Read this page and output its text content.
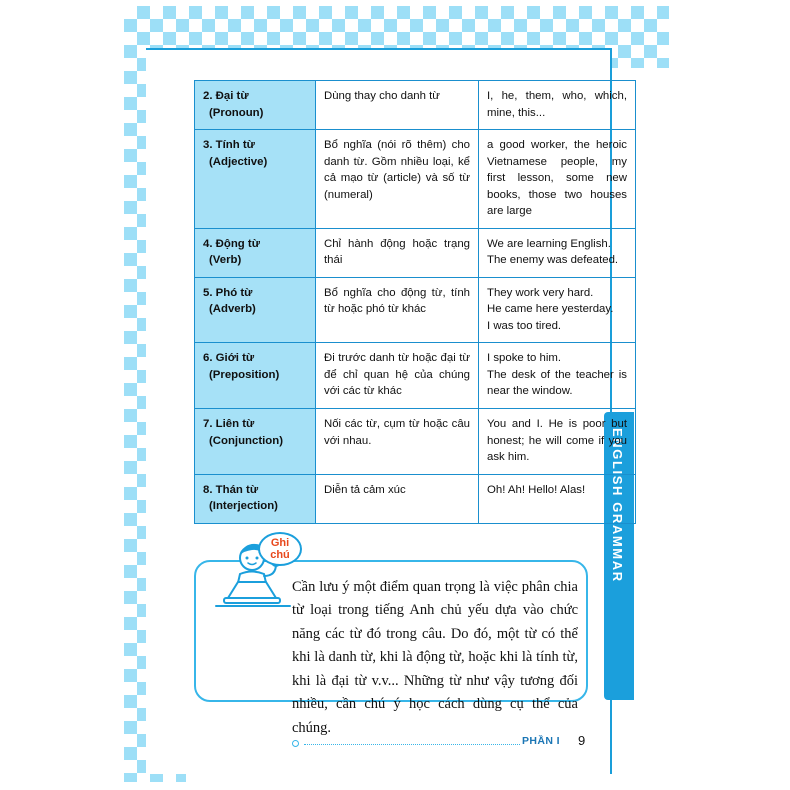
ENGLISH GRAMMAR
2. Đại từ
(Pronoun)	Dùng thay cho danh từ	I, he, them, who, which, mine, this...

3. Tính từ
(Adjective)	Bổ nghĩa (nói rõ thêm) cho danh từ. Gồm nhiều loại, kể cả mạo từ (article) và số từ (numeral)	a good worker, the heroic Vietnamese people, my first lesson, some new books, those two houses are large

4. Động từ
(Verb)	Chỉ hành động hoặc trạng thái	We are learning English.
The enemy was defeated.

5. Phó từ
(Adverb)	Bổ nghĩa cho động từ, tính từ hoặc phó từ khác	They work very hard.
He came here yesterday.
I was too tired.

6. Giới từ
(Preposition)	Đi trước danh từ hoặc đại từ để chỉ quan hệ của chúng với các từ khác	I spoke to him.
The desk of the teacher is near the window.

7. Liên từ
(Conjunction)	Nối các từ, cụm từ hoặc câu với nhau.	You and I. He is poor but honest; he will come if you ask him.

8. Thán từ
(Interjection)	Diễn tả cảm xúc	Oh! Ah! Hello! Alas!
Ghi
chú
Cần lưu ý một điểm quan trọng là việc phân chia từ loại trong tiếng Anh chủ yếu dựa vào chức năng các từ đó trong câu. Do đó, một từ có thể khi là danh từ, khi là động từ, hoặc khi là tính từ, khi là đại từ v.v... Những từ như vậy tương đối nhiều, cần chú ý học cách dùng cụ thể của chúng.
PHẦN I 9
